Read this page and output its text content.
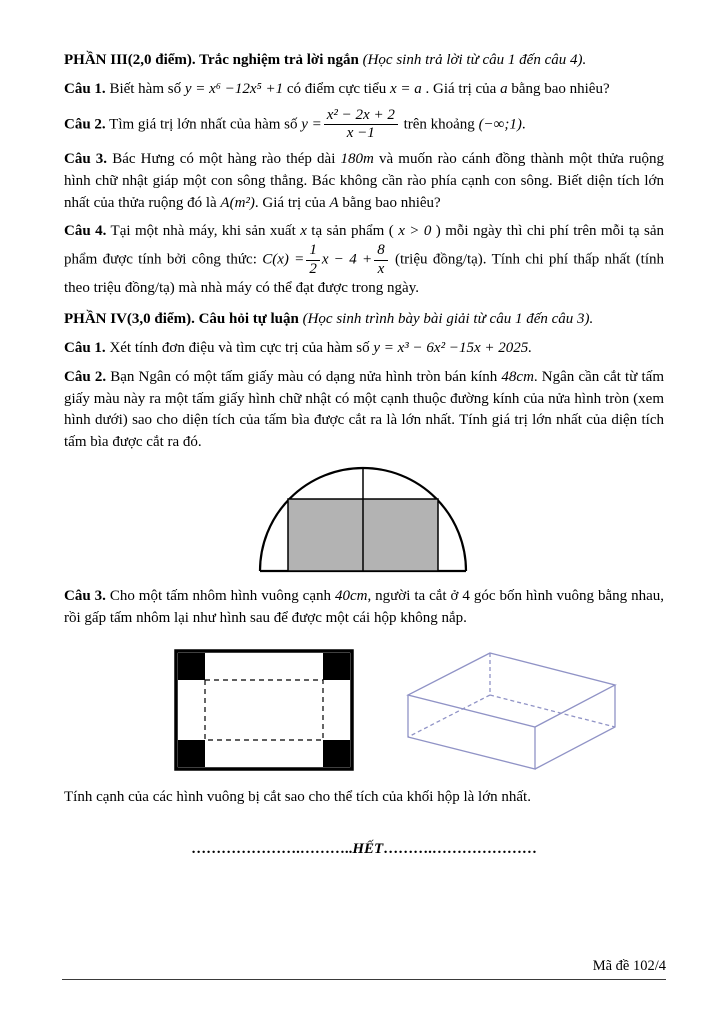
PHẦN III(2,0 điểm). Trắc nghiệm trả lời ngắn (Học sinh trả lời từ câu 1 đến câu 4).

Câu 1. Biết hàm số y = x⁶ −12x⁵ +1 có điểm cực tiểu x = a . Giá trị của a bằng bao nhiêu?

Câu 2. Tìm giá trị lớn nhất của hàm số $y = \frac{\text{x² − 2x + 2}}{x -1}$ trên khoảng (−∞;1).

Câu 3. Bác Hưng có một hàng rào thép dài 180m và muốn rào cánh đồng thành một thửa ruộng hình chữ nhật giáp một con sông thẳng. Bác không cần rào phía cạnh con sông. Biết diện tích lớn nhất của thửa ruộng đó là A(m²). Giá trị của A bằng bao nhiêu?

Câu 4. Tại một nhà máy, khi sản xuất x tạ sản phẩm ( x > 0 ) mỗi ngày thì chi phí trên mỗi tạ sản phẩm được tính bởi công thức: $C(x) = \frac{1}{2}$ $x - 4 + \frac{8}{x}$ (triệu đồng/tạ). Tính chi phí thấp nhất (tính theo triệu đồng/tạ) mà nhà máy có thể đạt được trong ngày.

PHẦN IV(3,0 điểm). Câu hỏi tự luận (Học sinh trình bày bài giải từ câu 1 đến câu 3).

Câu 1. Xét tính đơn điệu và tìm cực trị của hàm số y = x³ − 6x² −15x + 2025.

Câu 2. Bạn Ngân có một tấm giấy màu có dạng nửa hình tròn bán kính 48cm. Ngân cần cắt từ tấm giấy màu này ra một tấm giấy hình chữ nhật có một cạnh thuộc đường kính của nửa hình tròn (xem hình dưới) sao cho diện tích của tấm bìa được cắt ra là lớn nhất. Tính giá trị lớn nhất của diện tích tấm bìa được cắt ra đó.

Câu 3. Cho một tấm nhôm hình vuông cạnh 40cm, người ta cắt ở 4 góc bốn hình vuông bằng nhau, rồi gấp tấm nhôm lại như hình sau để được một cái hộp không nắp.

Tính cạnh của các hình vuông bị cắt sao cho thể tích của khối hộp là lớn nhất.

………………….………..HẾT……….…………………

Mã đề 102/4
